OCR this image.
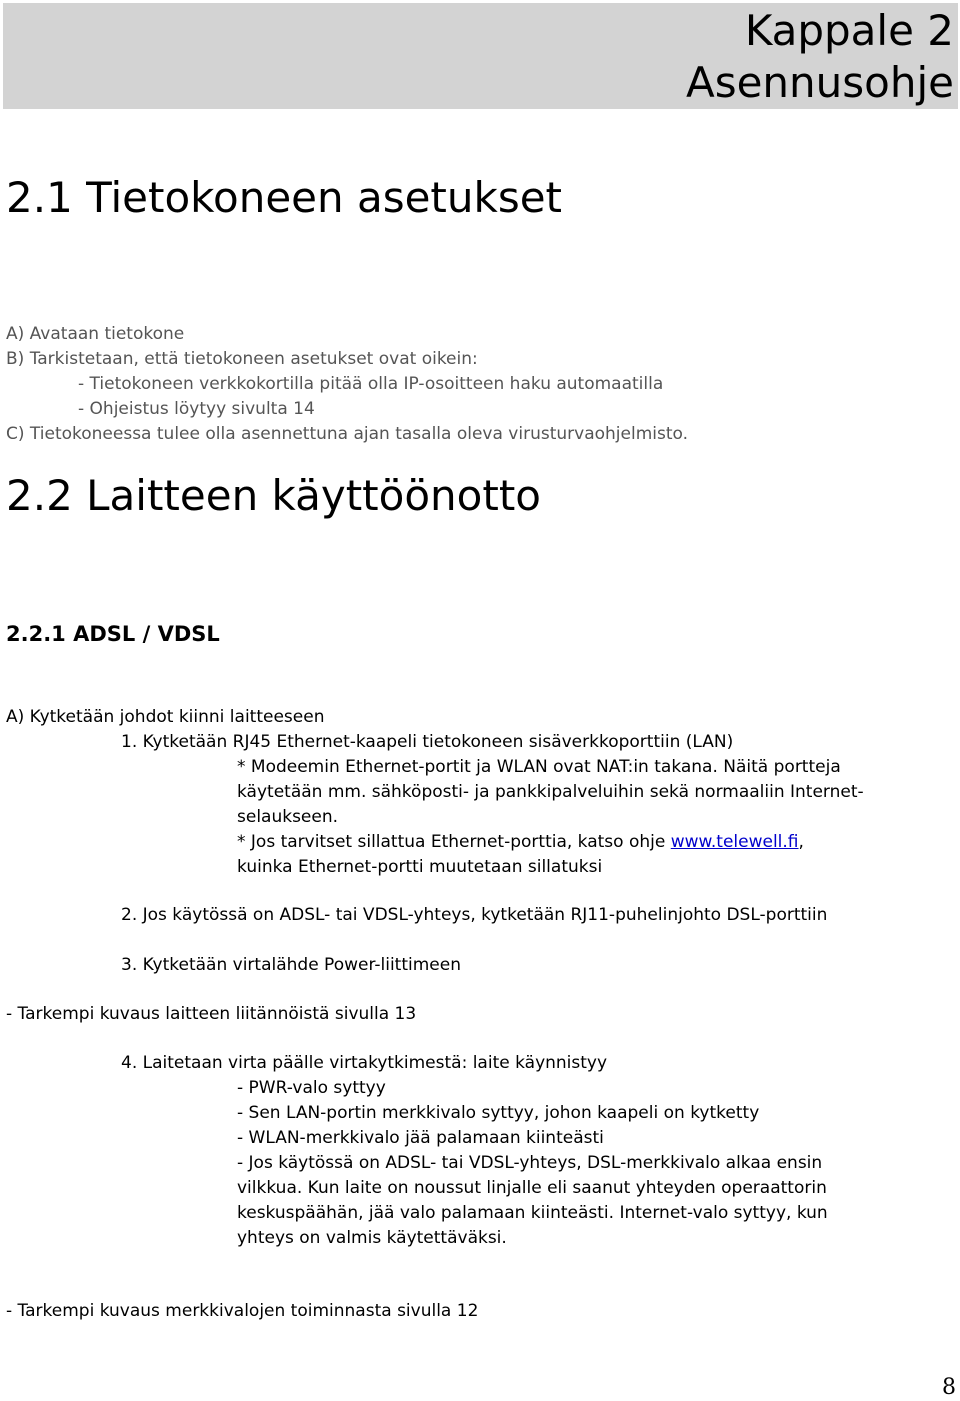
Kappale 2
Asennusohje
2.1 Tietokoneen asetukset
A) Avataan tietokone
B) Tarkistetaan, että tietokoneen asetukset ovat oikein:
- Tietokoneen verkkokortilla pitää olla IP-osoitteen haku automaatilla
- Ohjeistus löytyy sivulta 14
C) Tietokoneessa tulee olla asennettuna ajan tasalla oleva virusturvaohjelmisto.
2.2 Laitteen käyttöönotto
2.2.1 ADSL / VDSL
A) Kytketään johdot kiinni laitteeseen
1. Kytketään RJ45 Ethernet-kaapeli tietokoneen sisäverkkoporttiin (LAN)
* Modeemin Ethernet-portit ja WLAN ovat NAT:in takana. Näitä portteja
käytetään mm. sähköposti- ja pankkipalveluihin sekä normaaliin Internet-
selaukseen.
* Jos tarvitset sillattua Ethernet-porttia, katso ohje www.telewell.fi,
kuinka Ethernet-portti muutetaan sillatuksi
2. Jos käytössä on ADSL- tai VDSL-yhteys, kytketään RJ11-puhelinjohto DSL-porttiin
3. Kytketään virtalähde Power-liittimeen
- Tarkempi kuvaus laitteen liitännöistä sivulla 13
4. Laitetaan virta päälle virtakytkimestä: laite käynnistyy
- PWR-valo syttyy
- Sen LAN-portin merkkivalo syttyy, johon kaapeli on kytketty
- WLAN-merkkivalo jää palamaan kiinteästi
- Jos käytössä on ADSL- tai VDSL-yhteys, DSL-merkkivalo alkaa ensin
vilkkua. Kun laite on noussut linjalle eli saanut yhteyden operaattorin
keskuspäähän, jää valo palamaan kiinteästi. Internet-valo syttyy, kun
yhteys on valmis käytettäväksi.
- Tarkempi kuvaus merkkivalojen toiminnasta sivulla 12
8
